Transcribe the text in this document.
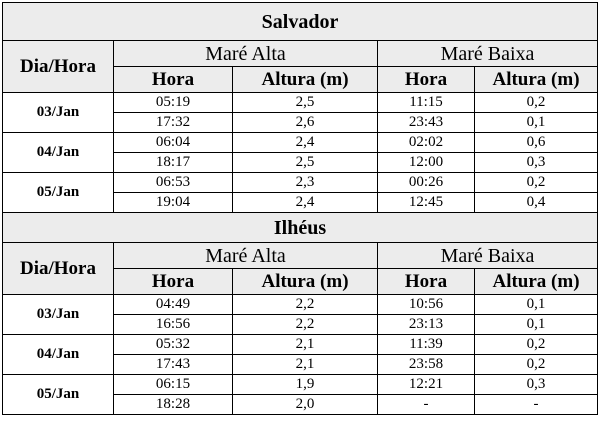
Salvador				
Dia/Hora	Maré Alta		Maré Baixa	
	Hora	Altura (m)	Hora	Altura (m)
03/Jan	05:19	2,5	11:15	0,2
	17:32	2,6	23:43	0,1
04/Jan	06:04	2,4	02:02	0,6
	18:17	2,5	12:00	0,3
05/Jan	06:53	2,3	00:26	0,2
	19:04	2,4	12:45	0,4
Ilhéus				
Dia/Hora	Maré Alta		Maré Baixa	
	Hora	Altura (m)	Hora	Altura (m)
03/Jan	04:49	2,2	10:56	0,1
	16:56	2,2	23:13	0,1
04/Jan	05:32	2,1	11:39	0,2
	17:43	2,1	23:58	0,2
05/Jan	06:15	1,9	12:21	0,3
	18:28	2,0	-	-
